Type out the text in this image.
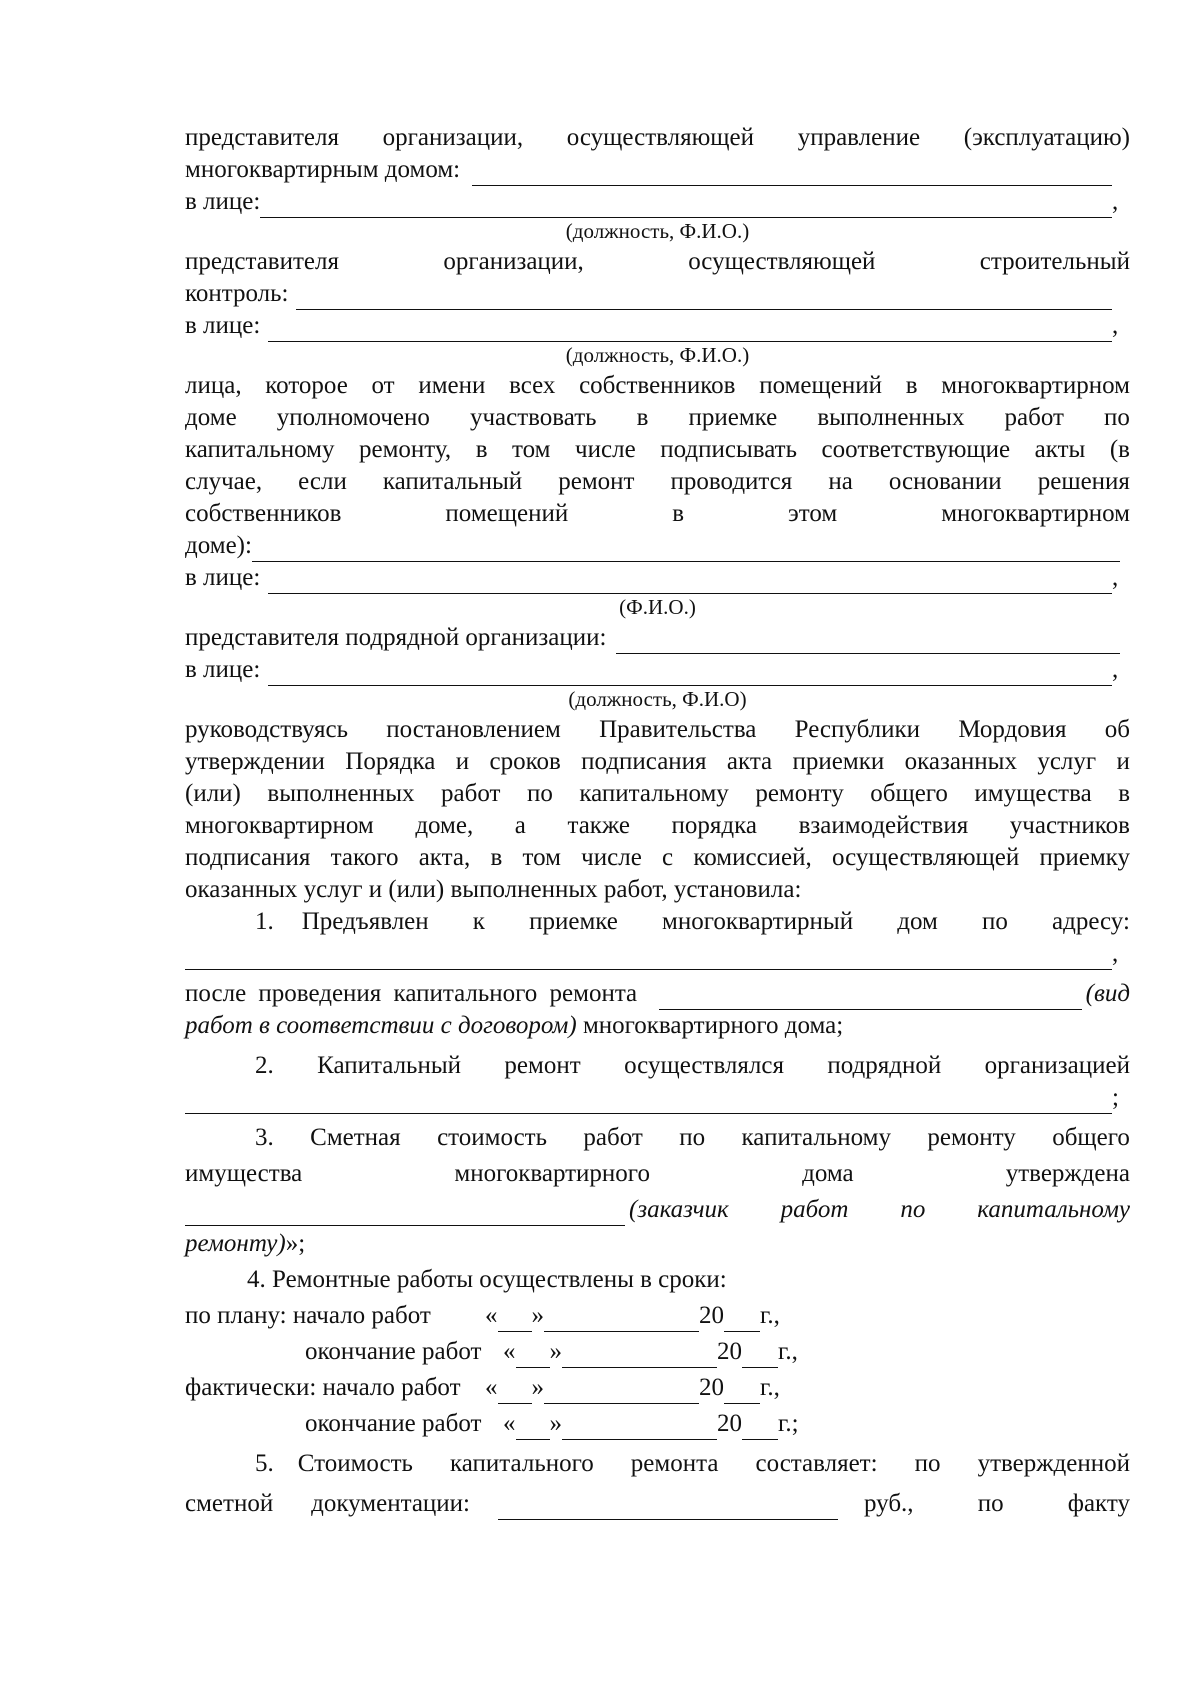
представителя организации, осуществляющей управление (эксплуатацию)
многоквартирным домом:
в лице:	,
(должность, Ф.И.О.)
представителя	организации,	осуществляющей	строительный
контроль:
в лице:	,
(должность, Ф.И.О.)
лица, которое от имени всех собственников помещений в многоквартирном
доме уполномочено участвовать в приемке выполненных работ по
капитальному ремонту, в том числе подписывать соответствующие акты (в
случае, если капитальный ремонт проводится на основании решения
собственников	помещений	в	этом	многоквартирном
доме):
в лице:	,
(Ф.И.О.)
представителя подрядной организации:
в лице:	,
(должность, Ф.И.О)
руководствуясь постановлением Правительства Республики Мордовия об
утверждении Порядка и сроков подписания акта приемки оказанных услуг и
(или) выполненных работ по капитальному ремонту общего имущества в
многоквартирном доме, а также порядка взаимодействия участников
подписания такого акта, в том числе с комиссией, осуществляющей приемку
оказанных услуг и (или) выполненных работ, установила:
1. Предъявлен к приемке многоквартирный дом по адресу:
,
после проведения капитального ремонта	(вид
работ в соответствии с договором) многоквартирного дома;
2. Капитальный ремонт осуществлялся подрядной организацией
;
3. Сметная стоимость работ по капитальному ремонту общего
имущества	многоквартирного	дома	утверждена
(заказчик работ по капитальному
ремонту) »;
4. Ремонтные работы осуществлены в сроки:
по плану: начало работ	« »	20 г.,
окончание работ « »	20 г.,
фактически: начало работ « »	20 г.,
окончание работ « »	20 г.;
5. Стоимость капитального ремонта составляет: по утвержденной
сметной документации:	руб.,	по	факту
